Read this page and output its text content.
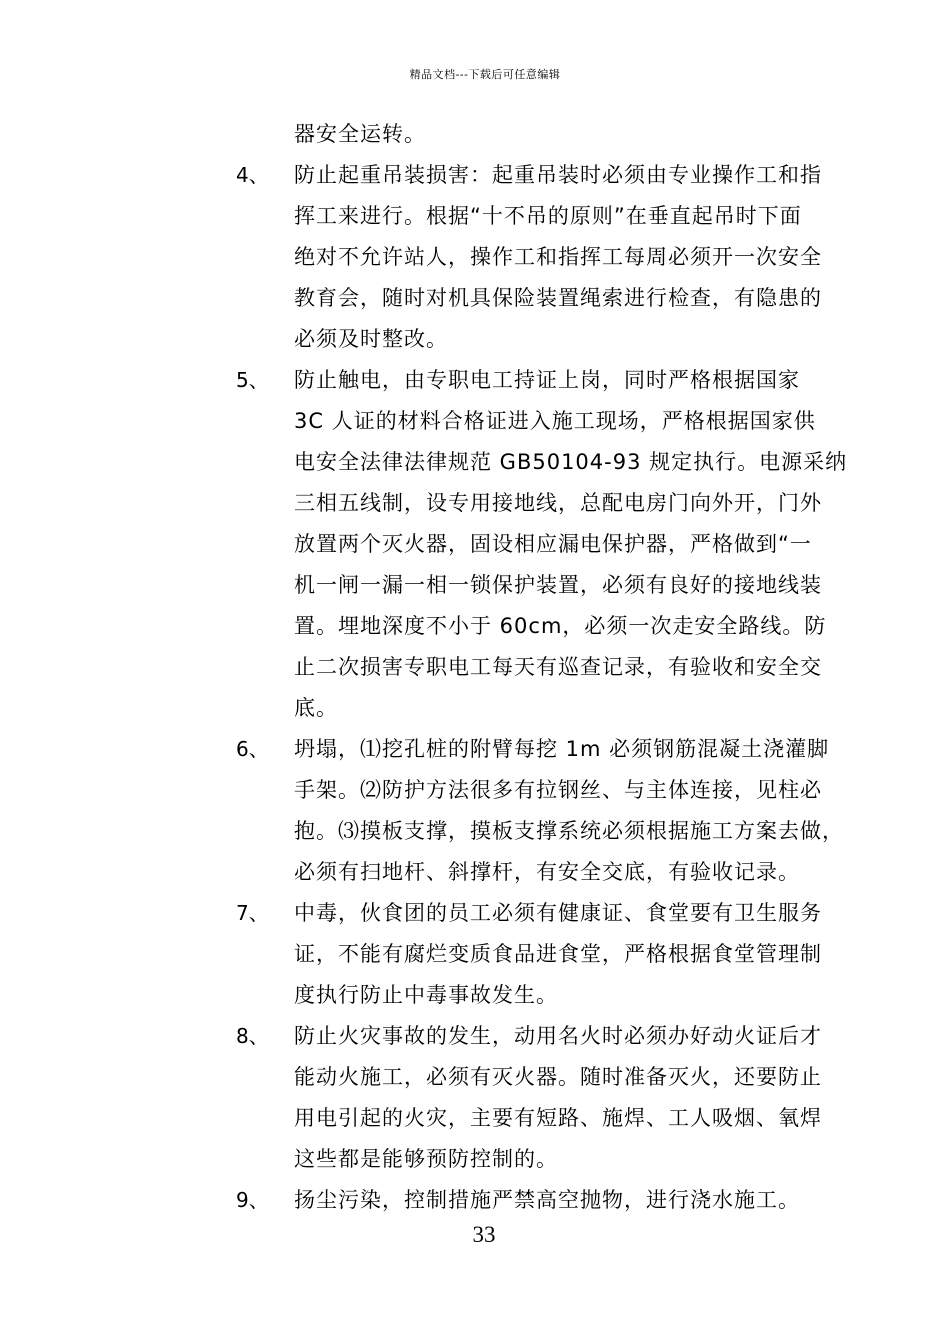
精品文档---下载后可任意编辑
器安全运转。
4、	防止起重吊装损害：起重吊装时必须由专业操作工和指
挥工来进行。根据“十不吊的原则”在垂直起吊时下面
绝对不允许站人，操作工和指挥工每周必须开一次安全
教育会，随时对机具保险装置绳索进行检查，有隐患的
必须及时整改。
5、	防止触电，由专职电工持证上岗，同时严格根据国家
3C 人证的材料合格证进入施工现场，严格根据国家供
电安全法律法律规范 GB50104-93 规定执行。电源采纳
三相五线制，设专用接地线，总配电房门向外开，门外
放置两个灭火器，固设相应漏电保护器，严格做到“一
机一闸一漏一相一锁保护装置，必须有良好的接地线装
置。埋地深度不小于 60cm，必须一次走安全路线。防
止二次损害专职电工每天有巡查记录，有验收和安全交
底。
6、	坍塌，⑴挖孔桩的附臂每挖 1m 必须钢筋混凝土浇灌脚
手架。⑵防护方法很多有拉钢丝、与主体连接，见柱必
抱。⑶摸板支撑，摸板支撑系统必须根据施工方案去做，
必须有扫地杆、斜撑杆，有安全交底，有验收记录。
7、	中毒，伙食团的员工必须有健康证、食堂要有卫生服务
证，不能有腐烂变质食品进食堂，严格根据食堂管理制
度执行防止中毒事故发生。
8、	防止火灾事故的发生，动用名火时必须办好动火证后才
能动火施工，必须有灭火器。随时准备灭火，还要防止
用电引起的火灾，主要有短路、施焊、工人吸烟、氧焊
这些都是能够预防控制的。
9、	扬尘污染，控制措施严禁高空抛物，进行浇水施工。
33
